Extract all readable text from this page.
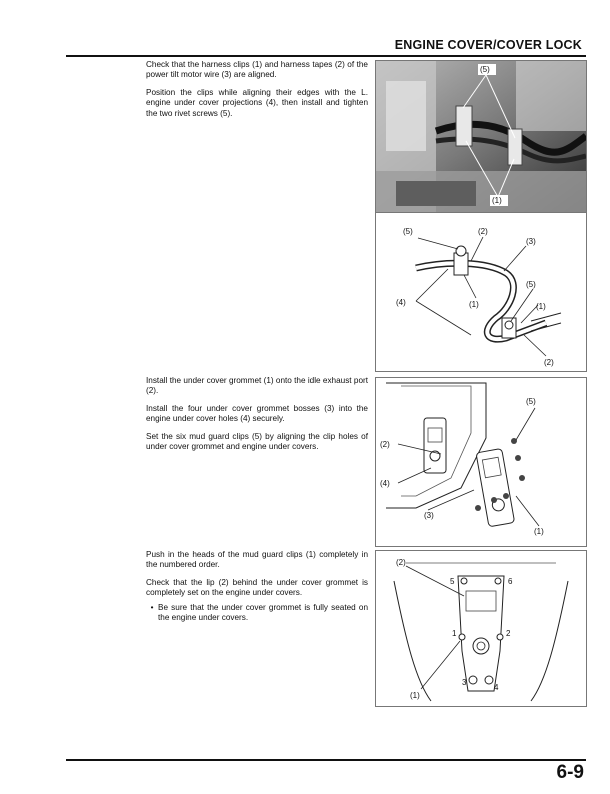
ENGINE COVER/COVER LOCK

Check that the harness clips (1) and harness tapes (2) of the power tilt motor wire (3) are aligned.

Position the clips while aligning their edges with the L. engine under cover projections (4), then install and tighten the two rivet screws (5).

(5)
(1)
(5)	(2)
(3)
(5)
(4)	(1)	(1)
(2)

Install the under cover grommet (1) onto the idle exhaust port (2).

Install the four under cover grommet bosses (3) into the engine under cover holes (4) securely.

Set the six mud guard clips (5) by aligning the clip holes of under cover grommet and engine under covers.

(5)
(2)
(4)
(3)
(1)

Push in the heads of the mud guard clips (1) completely in the numbered order.

Check that the lip (2) behind the under cover grommet is completely set on the engine under covers.

• Be sure that the under cover grommet is fully seated on the engine under covers.
(2)
5	6
1	2
3
4
(1)
6-9
